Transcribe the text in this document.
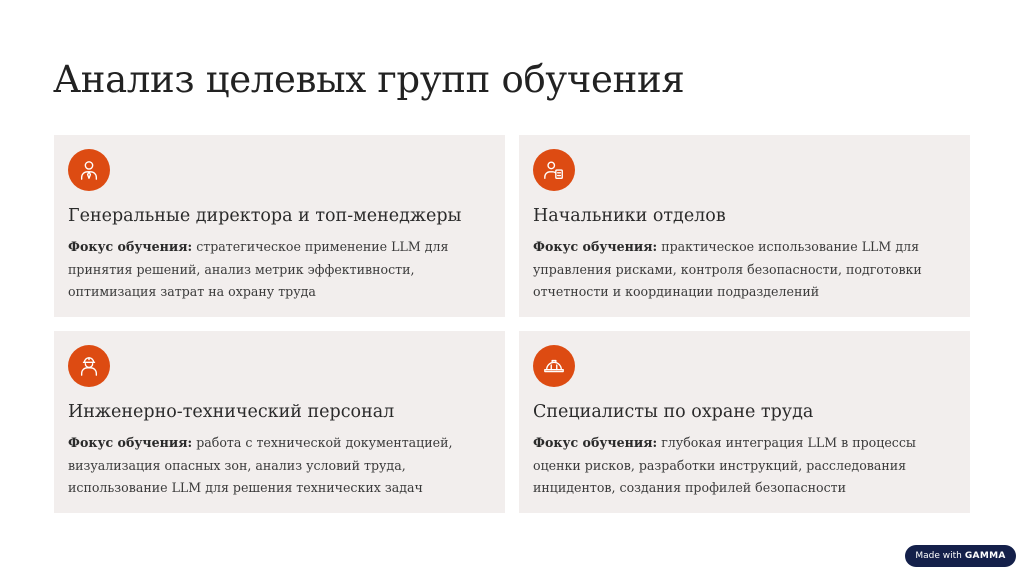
Анализ целевых групп обучения
Генеральные директора и топ-менеджеры
Фокус обучения: стратегическое применение LLM для принятия решений, анализ метрик эффективности, оптимизация затрат на охрану труда
Начальники отделов
Фокус обучения: практическое использование LLM для управления рисками, контроля безопасности, подготовки отчетности и координации подразделений
Инженерно-технический персонал
Фокус обучения: работа с технической документацией, визуализация опасных зон, анализ условий труда, использование LLM для решения технических задач
Специалисты по охране труда
Фокус обучения: глубокая интеграция LLM в процессы оценки рисков, разработки инструкций, расследования инцидентов, создания профилей безопасности
Made with GAMMA
